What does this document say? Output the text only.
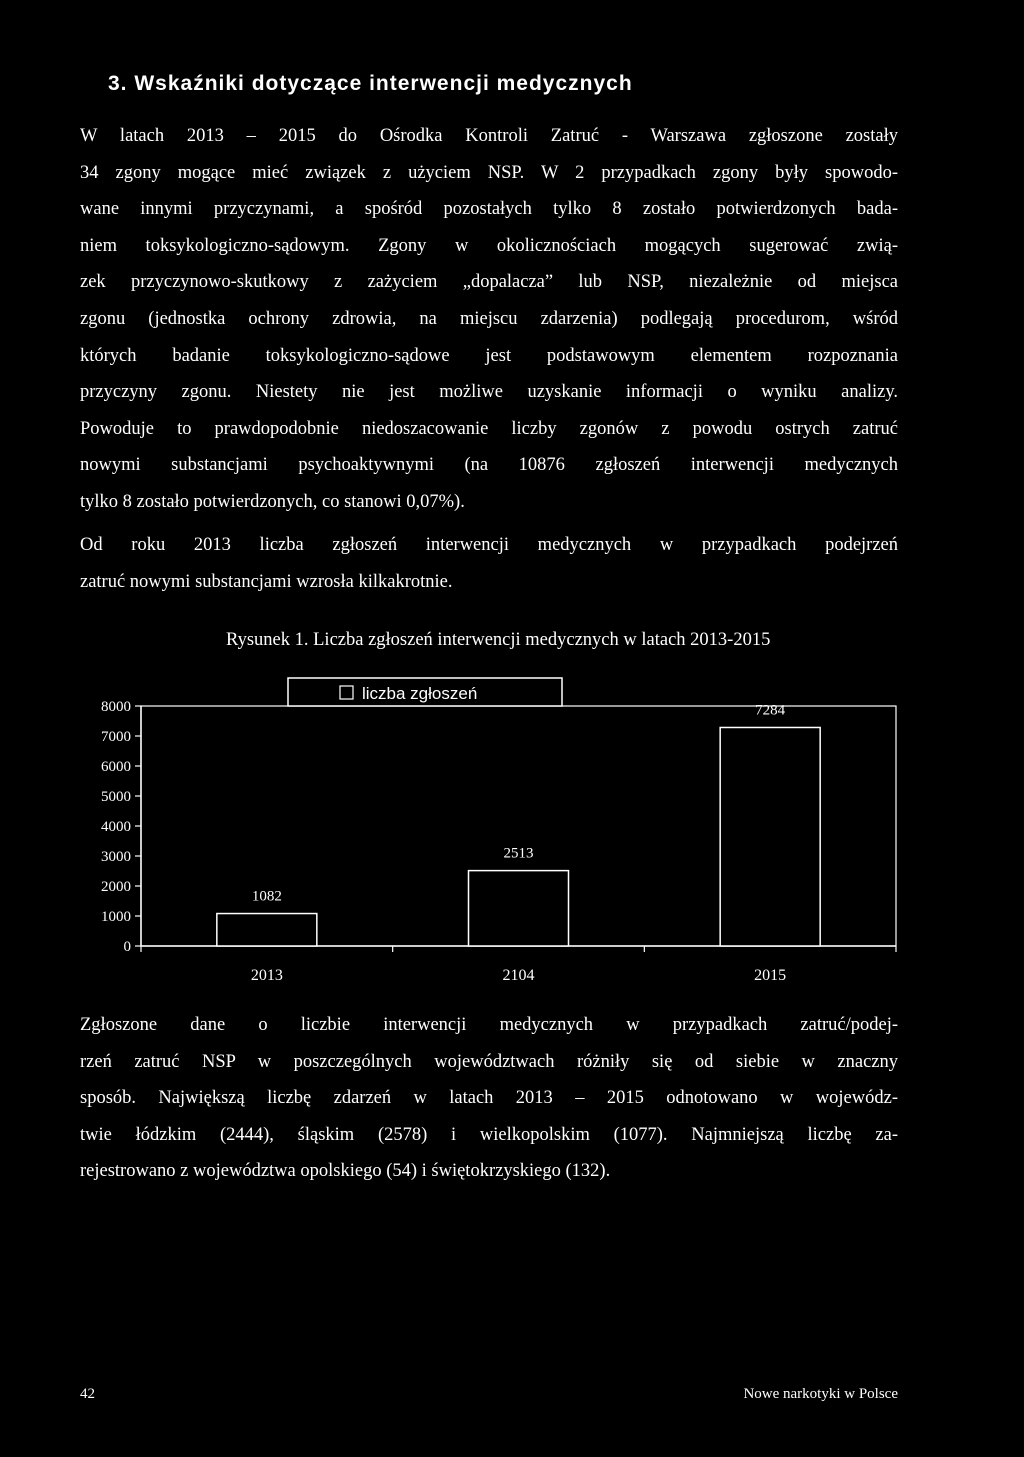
3. Wskaźniki dotyczące interwencji medycznych
W latach 2013 – 2015 do Ośrodka Kontroli Zatruć - Warszawa zgłoszone zostały
34 zgony mogące mieć związek z użyciem NSP. W 2 przypadkach zgony były spowodo-
wane innymi przyczynami, a spośród pozostałych tylko 8 zostało potwierdzonych bada-
niem toksykologiczno-sądowym. Zgony w okolicznościach mogących sugerować zwią-
zek przyczynowo-skutkowy z zażyciem „dopalacza” lub NSP, niezależnie od miejsca
zgonu (jednostka ochrony zdrowia, na miejscu zdarzenia) podlegają procedurom, wśród
których badanie toksykologiczno-sądowe jest podstawowym elementem rozpoznania
przyczyny zgonu. Niestety nie jest możliwe uzyskanie informacji o wyniku analizy.
Powoduje to prawdopodobnie niedoszacowanie liczby zgonów z powodu ostrych zatruć
nowymi substancjami psychoaktywnymi (na 10876 zgłoszeń interwencji medycznych
tylko 8 zostało potwierdzonych, co stanowi 0,07%).
Od roku 2013 liczba zgłoszeń interwencji medycznych w przypadkach podejrzeń
zatruć nowymi substancjami wzrosła kilkakrotnie.

Rysunek 1. Liczba zgłoszeń interwencji medycznych w latach 2013-2015

0
1000
2000
3000
4000
5000
6000
7000
8000
1082
2013
2513
2104
7284
2015
liczba zgłoszeń
Zgłoszone dane o liczbie interwencji medycznych w przypadkach zatruć/podej-
rzeń zatruć NSP w poszczególnych województwach różniły się od siebie w znaczny
sposób. Największą liczbę zdarzeń w latach 2013 – 2015 odnotowano w wojewódz-
twie łódzkim (2444), śląskim (2578) i wielkopolskim (1077). Najmniejszą liczbę za-
rejestrowano z województwa opolskiego (54) i świętokrzyskiego (132).
42	Nowe narkotyki w Polsce
